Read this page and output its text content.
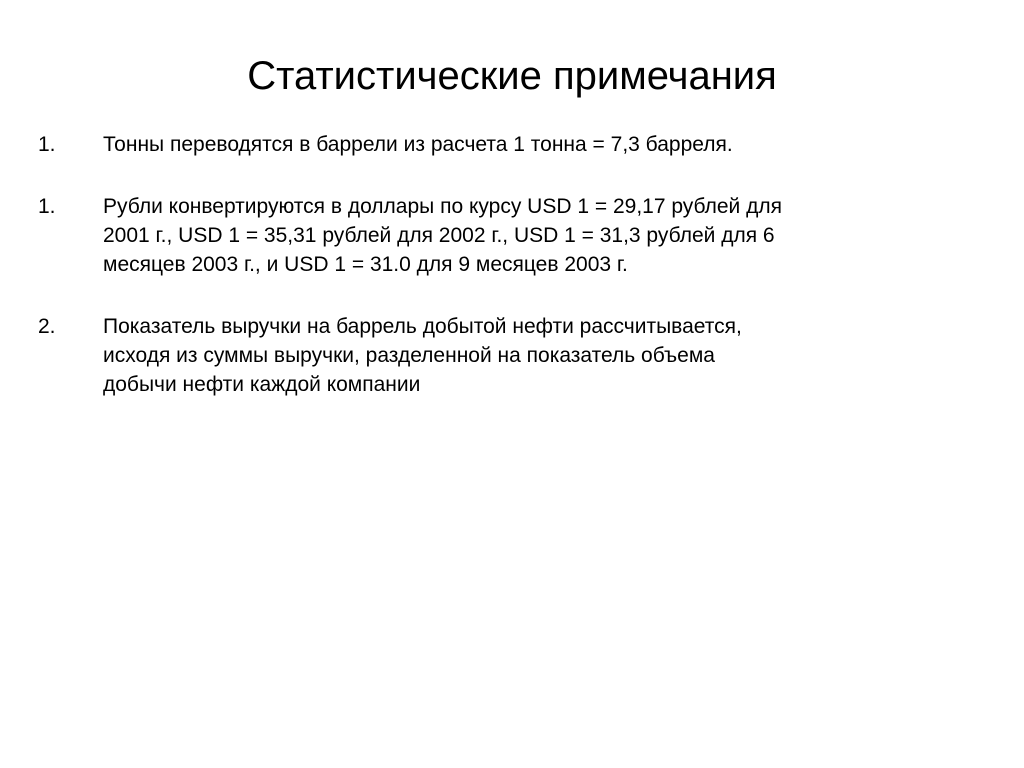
Статистические примечания
1.	Тонны переводятся в баррели из расчета 1 тонна = 7,3 барреля.
1.	Рубли конвертируются в доллары по курсу USD 1 = 29,17 рублей для
2001 г., USD 1 = 35,31 рублей для 2002 г., USD 1 = 31,3 рублей для 6
месяцев 2003 г., и USD 1 = 31.0 для 9 месяцев 2003 г.
2.	Показатель выручки на баррель добытой нефти рассчитывается,
исходя из суммы выручки, разделенной на показатель объема
добычи нефти каждой компании
